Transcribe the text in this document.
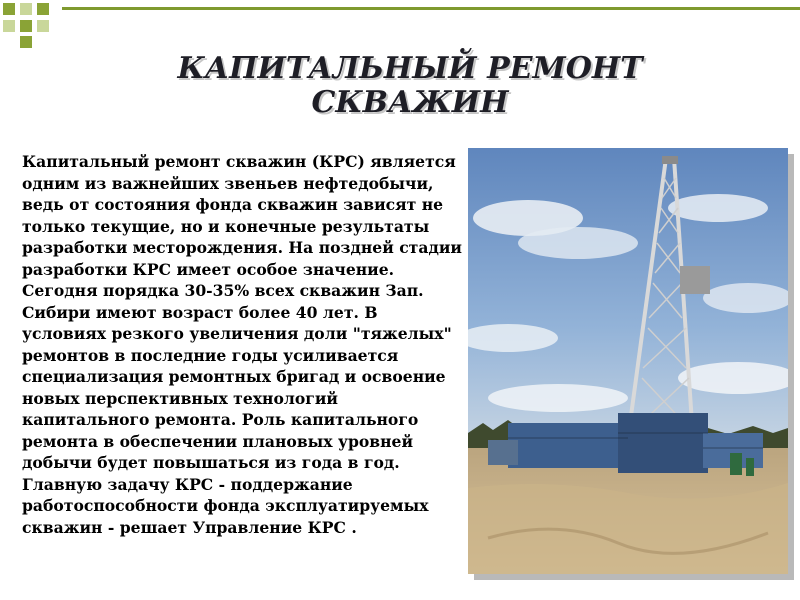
КАПИТАЛЬНЫЙ РЕМОНТ
СКВАЖИН
Капитальный ремонт скважин (КРС) является одним из важнейших звеньев нефтедобычи, ведь от состояния фонда скважин зависят не только текущие, но и конечные результаты разработки месторождения. На поздней стадии разработки КРС имеет особое значение. Сегодня порядка 30-35% всех скважин Зап. Сибири имеют возраст более 40 лет. В условиях резкого увеличения доли "тяжелых" ремонтов в последние годы усиливается специализация ремонтных бригад и освоение новых перспективных технологий капитального ремонта. Роль капитального ремонта в обеспечении плановых уровней добычи будет повышаться из года в год. Главную задачу КРС - поддержание работоспособности фонда эксплуатируемых скважин - решает Управление КРС .
